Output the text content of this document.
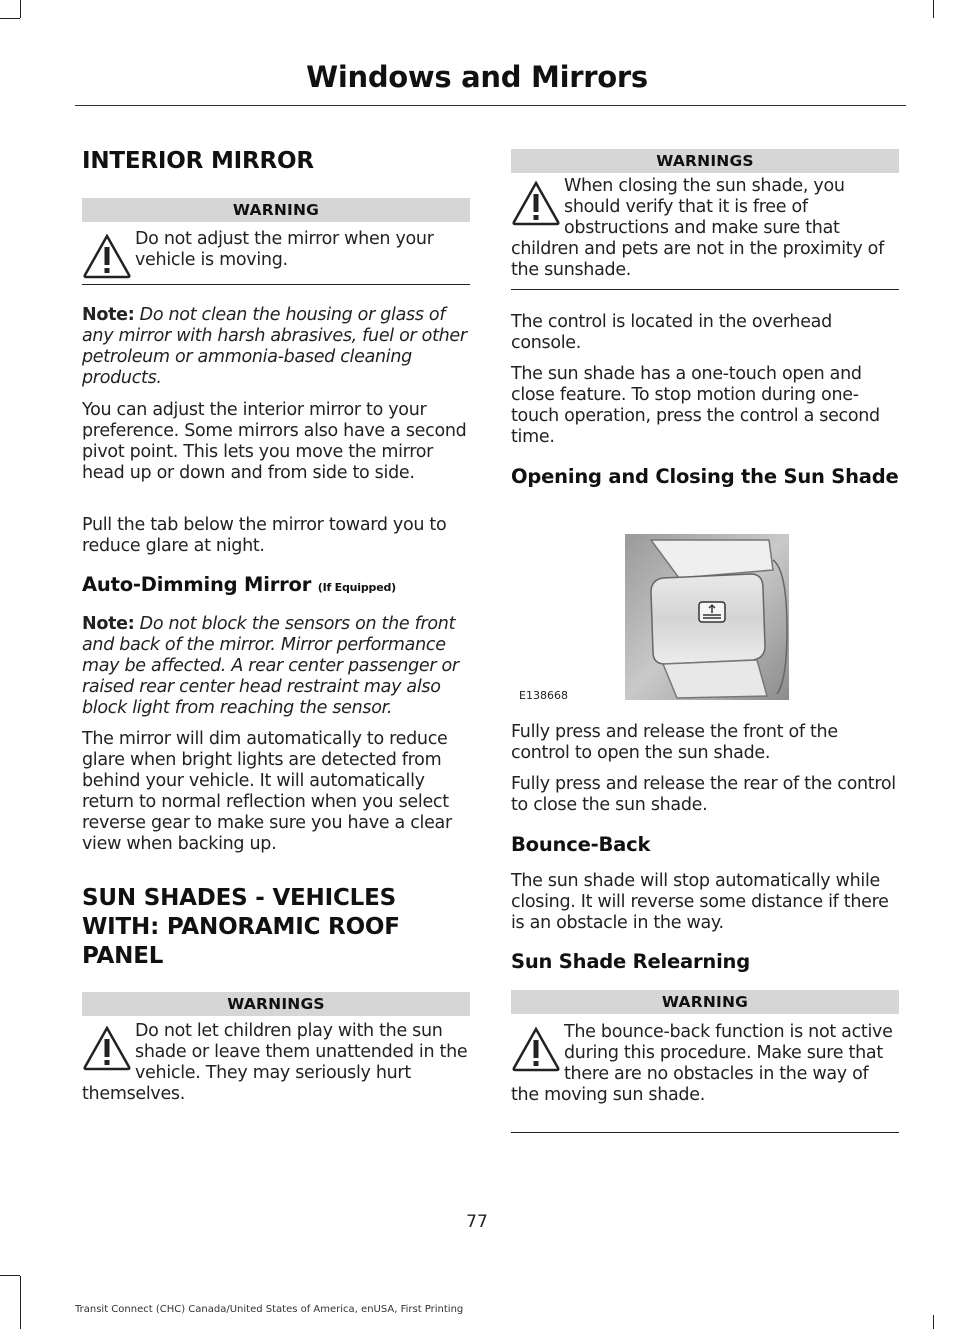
Windows and Mirrors
INTERIOR MIRROR
WARNING
Do not adjust the mirror when your vehicle is moving.
Note: Do not clean the housing or glass of any mirror with harsh abrasives, fuel or other petroleum or ammonia-based cleaning products.
You can adjust the interior mirror to your preference. Some mirrors also have a second pivot point. This lets you move the mirror head up or down and from side to side.
Pull the tab below the mirror toward you to reduce glare at night.
Auto-Dimming Mirror (If Equipped)
Note: Do not block the sensors on the front and back of the mirror. Mirror performance may be affected. A rear center passenger or raised rear center head restraint may also block light from reaching the sensor.
The mirror will dim automatically to reduce glare when bright lights are detected from behind your vehicle. It will automatically return to normal reflection when you select reverse gear to make sure you have a clear view when backing up.
SUN SHADES - VEHICLES WITH: PANORAMIC ROOF PANEL
WARNINGS
Do not let children play with the sun shade or leave them unattended in the vehicle. They may seriously hurt themselves.
WARNINGS
When closing the sun shade, you should verify that it is free of obstructions and make sure that children and pets are not in the proximity of the sunshade.
The control is located in the overhead console.
The sun shade has a one-touch open and close feature. To stop motion during one-touch operation, press the control a second time.
Opening and Closing the Sun Shade
E138668
Fully press and release the front of the control to open the sun shade.
Fully press and release the rear of the control to close the sun shade.
Bounce-Back
The sun shade will stop automatically while closing. It will reverse some distance if there is an obstacle in the way.
Sun Shade Relearning
WARNING
The bounce-back function is not active during this procedure. Make sure that there are no obstacles in the way of the moving sun shade.
77
Transit Connect (CHC) Canada/United States of America, enUSA, First Printing
